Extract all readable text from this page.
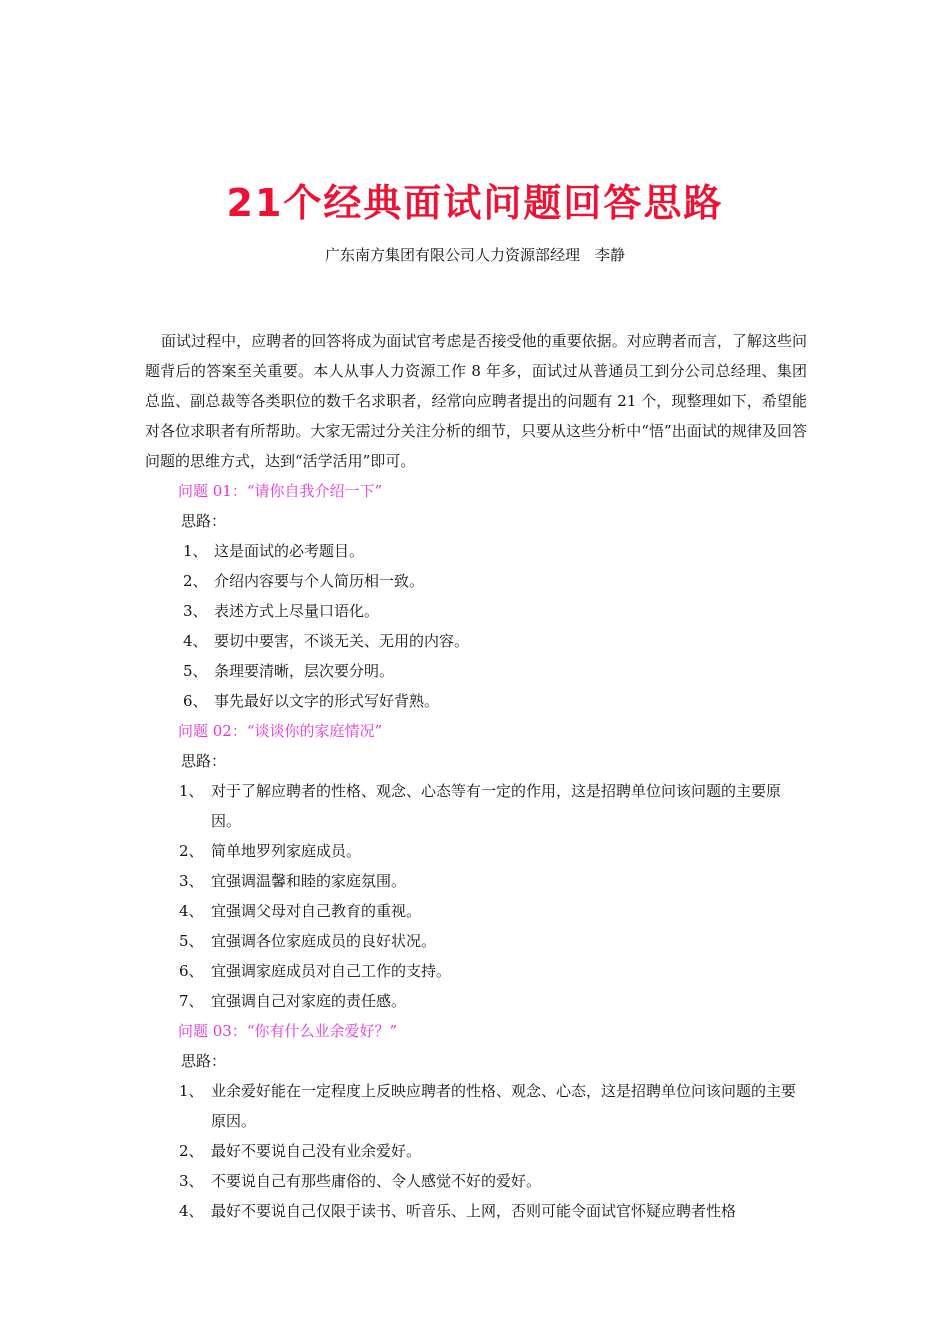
21个经典面试问题回答思路
广东南方集团有限公司人力资源部经理　李静

面试过程中，应聘者的回答将成为面试官考虑是否接受他的重要依据。对应聘者而言，了解这些问题背后的答案至关重要。本人从事人力资源工作 8 年多，面试过从普通员工到分公司总经理、集团总监、副总裁等各类职位的数千名求职者，经常向应聘者提出的问题有 21 个，现整理如下，希望能对各位求职者有所帮助。大家无需过分关注分析的细节，只要从这些分析中“悟”出面试的规律及回答问题的思维方式，达到“活学活用”即可。

问题 01：“请你自我介绍一下”
思路：
1、 这是面试的必考题目。
2、 介绍内容要与个人简历相一致。
3、 表述方式上尽量口语化。
4、 要切中要害，不谈无关、无用的内容。
5、 条理要清晰，层次要分明。
6、 事先最好以文字的形式写好背熟。
问题 02：“谈谈你的家庭情况”
思路：
1、 对于了解应聘者的性格、观念、心态等有一定的作用，这是招聘单位问该问题的主要原因。
2、 简单地罗列家庭成员。
3、 宜强调温馨和睦的家庭氛围。
4、 宜强调父母对自己教育的重视。
5、 宜强调各位家庭成员的良好状况。
6、 宜强调家庭成员对自己工作的支持。
7、 宜强调自己对家庭的责任感。
问题 03：“你有什么业余爱好？”
思路：
1、 业余爱好能在一定程度上反映应聘者的性格、观念、心态，这是招聘单位问该问题的主要原因。
2、 最好不要说自己没有业余爱好。
3、 不要说自己有那些庸俗的、令人感觉不好的爱好。
4、 最好不要说自己仅限于读书、听音乐、上网，否则可能令面试官怀疑应聘者性格
